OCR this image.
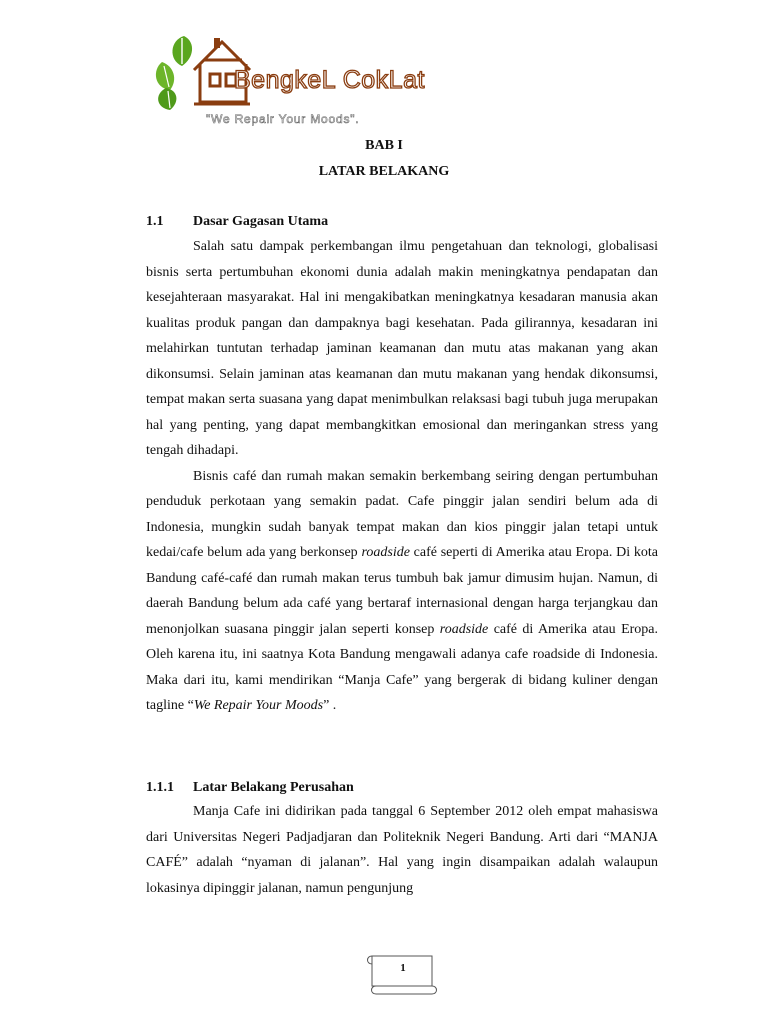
BengkeL CokLat
"We Repair Your Moods".
BAB I
LATAR BELAKANG
1.1 Dasar Gagasan Utama

Salah satu dampak perkembangan ilmu pengetahuan dan teknologi, globalisasi bisnis serta pertumbuhan ekonomi dunia adalah makin meningkatnya pendapatan dan kesejahteraan masyarakat. Hal ini mengakibatkan meningkatnya kesadaran manusia akan kualitas produk pangan dan dampaknya bagi kesehatan. Pada gilirannya, kesadaran ini melahirkan tuntutan terhadap jaminan keamanan dan mutu atas makanan yang akan dikonsumsi. Selain jaminan atas keamanan dan mutu makanan yang hendak dikonsumsi, tempat makan serta suasana yang dapat menimbulkan relaksasi bagi tubuh juga merupakan hal yang penting, yang dapat membangkitkan emosional dan meringankan stress yang tengah dihadapi.

Bisnis café dan rumah makan semakin berkembang seiring dengan pertumbuhan penduduk perkotaan yang semakin padat. Cafe pinggir jalan sendiri belum ada di Indonesia, mungkin sudah banyak tempat makan dan kios pinggir jalan tetapi untuk kedai/cafe belum ada yang berkonsep roadside café seperti di Amerika atau Eropa. Di kota Bandung café-café dan rumah makan terus tumbuh bak jamur dimusim hujan. Namun, di daerah Bandung belum ada café yang bertaraf internasional dengan harga terjangkau dan menonjolkan suasana pinggir jalan seperti konsep roadside café di Amerika atau Eropa. Oleh karena itu, ini saatnya Kota Bandung mengawali adanya cafe roadside di Indonesia. Maka dari itu, kami mendirikan “Manja Cafe” yang bergerak di bidang kuliner dengan tagline “We Repair Your Moods” .

1.1.1 Latar Belakang Perusahan

Manja Cafe ini didirikan pada tanggal 6 September 2012 oleh empat mahasiswa dari Universitas Negeri Padjadjaran dan Politeknik Negeri Bandung. Arti dari “MANJA CAFÉ” adalah “nyaman di jalanan”. Hal yang ingin disampaikan adalah walaupun lokasinya dipinggir jalanan, namun pengunjung

1
